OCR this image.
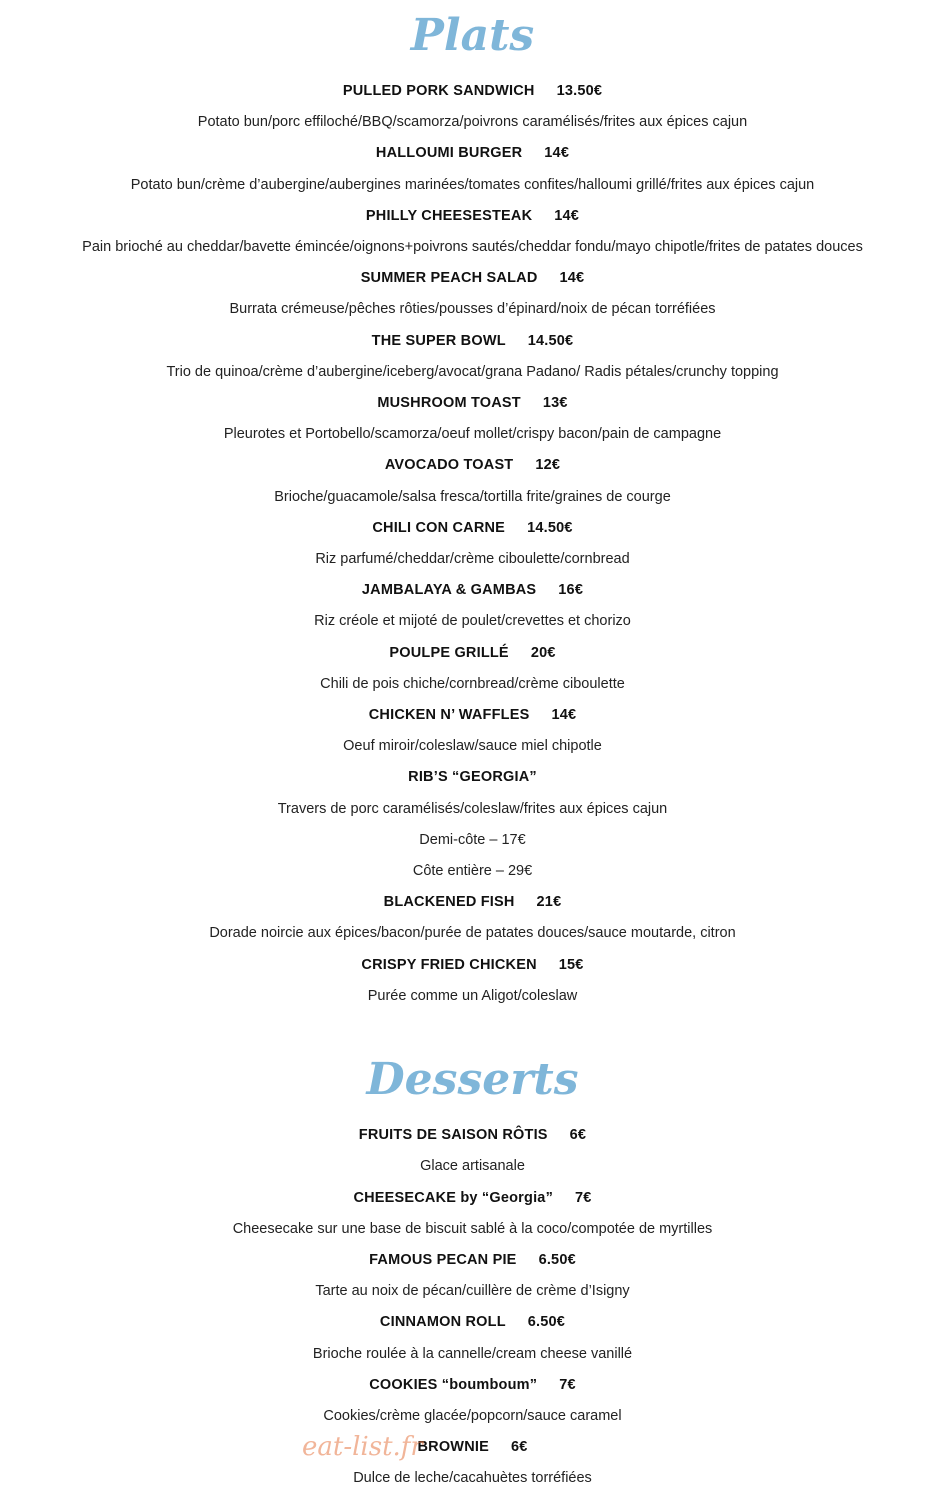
Plats
PULLED PORK SANDWICH 13.50€
Potato bun/porc effiloché/BBQ/scamorza/poivrons caramélisés/frites aux épices cajun
HALLOUMI BURGER 14€
Potato bun/crème d’aubergine/aubergines marinées/tomates confites/halloumi grillé/frites aux épices cajun
PHILLY CHEESESTEAK 14€
Pain brioché au cheddar/bavette émincée/oignons+poivrons sautés/cheddar fondu/mayo chipotle/frites de patates douces
SUMMER PEACH SALAD 14€
Burrata crémeuse/pêches rôties/pousses d’épinard/noix de pécan torréfiées
THE SUPER BOWL 14.50€
Trio de quinoa/crème d’aubergine/iceberg/avocat/grana Padano/ Radis pétales/crunchy topping
MUSHROOM TOAST 13€
Pleurotes et Portobello/scamorza/oeuf mollet/crispy bacon/pain de campagne
AVOCADO TOAST 12€
Brioche/guacamole/salsa fresca/tortilla frite/graines de courge
CHILI CON CARNE 14.50€
Riz parfumé/cheddar/crème ciboulette/cornbread
JAMBALAYA & GAMBAS 16€
Riz créole et mijoté de poulet/crevettes et chorizo
POULPE GRILLÉ 20€
Chili de pois chiche/cornbread/crème ciboulette
CHICKEN N’ WAFFLES 14€
Oeuf miroir/coleslaw/sauce miel chipotle
RIB’S “GEORGIA”
Travers de porc caramélisés/coleslaw/frites aux épices cajun
Demi-côte – 17€
Côte entière – 29€
BLACKENED FISH 21€
Dorade noircie aux épices/bacon/purée de patates douces/sauce moutarde, citron
CRISPY FRIED CHICKEN 15€
Purée comme un Aligot/coleslaw
Desserts
FRUITS DE SAISON RÔTIS 6€
Glace artisanale
CHEESECAKE by “Georgia” 7€
Cheesecake sur une base de biscuit sablé à la coco/compotée de myrtilles
FAMOUS PECAN PIE 6.50€
Tarte au noix de pécan/cuillère de crème d’Isigny
CINNAMON ROLL 6.50€
Brioche roulée à la cannelle/cream cheese vanillé
COOKIES “boumboum” 7€
Cookies/crème glacée/popcorn/sauce caramel
BROWNIE 6€
Dulce de leche/cacahuètes torréfiées
eat-list.fr
